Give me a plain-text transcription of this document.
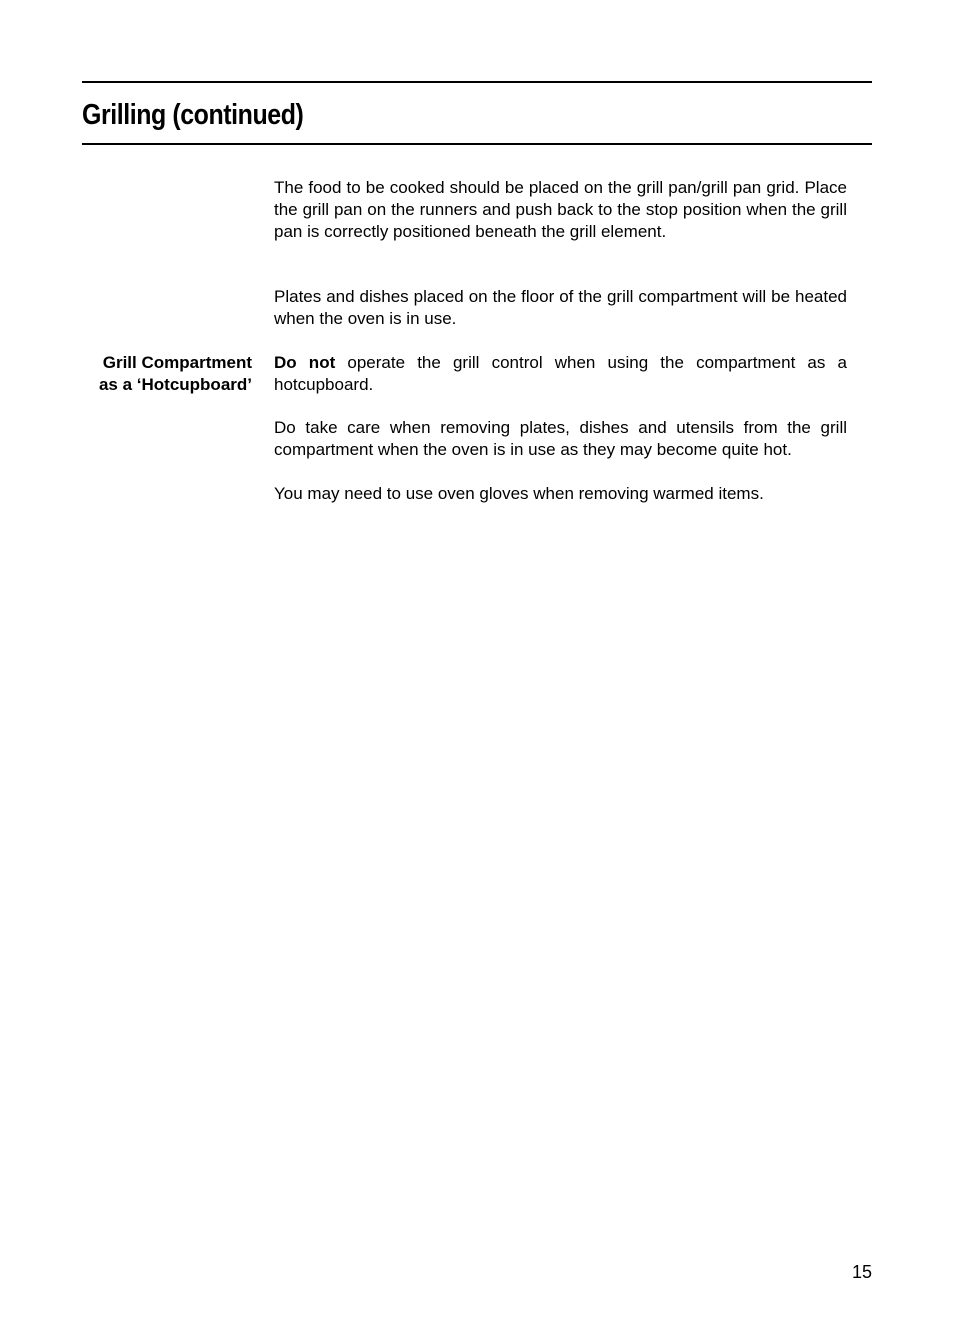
Grilling (continued)

The food to be cooked should be placed on the grill pan/grill pan grid. Place the grill pan on the runners and push back to the stop position when the grill pan is correctly positioned beneath the grill element.

Plates and dishes placed on the floor of the grill compartment will be heated when the oven is in use.

Grill Compartment
as a ‘Hotcupboard’

Do not operate the grill control when using the compartment as a hotcupboard.

Do take care when removing plates, dishes and utensils from the grill compartment when the oven is in use as they may become quite hot.

You may need to use oven gloves when removing warmed items.

15
